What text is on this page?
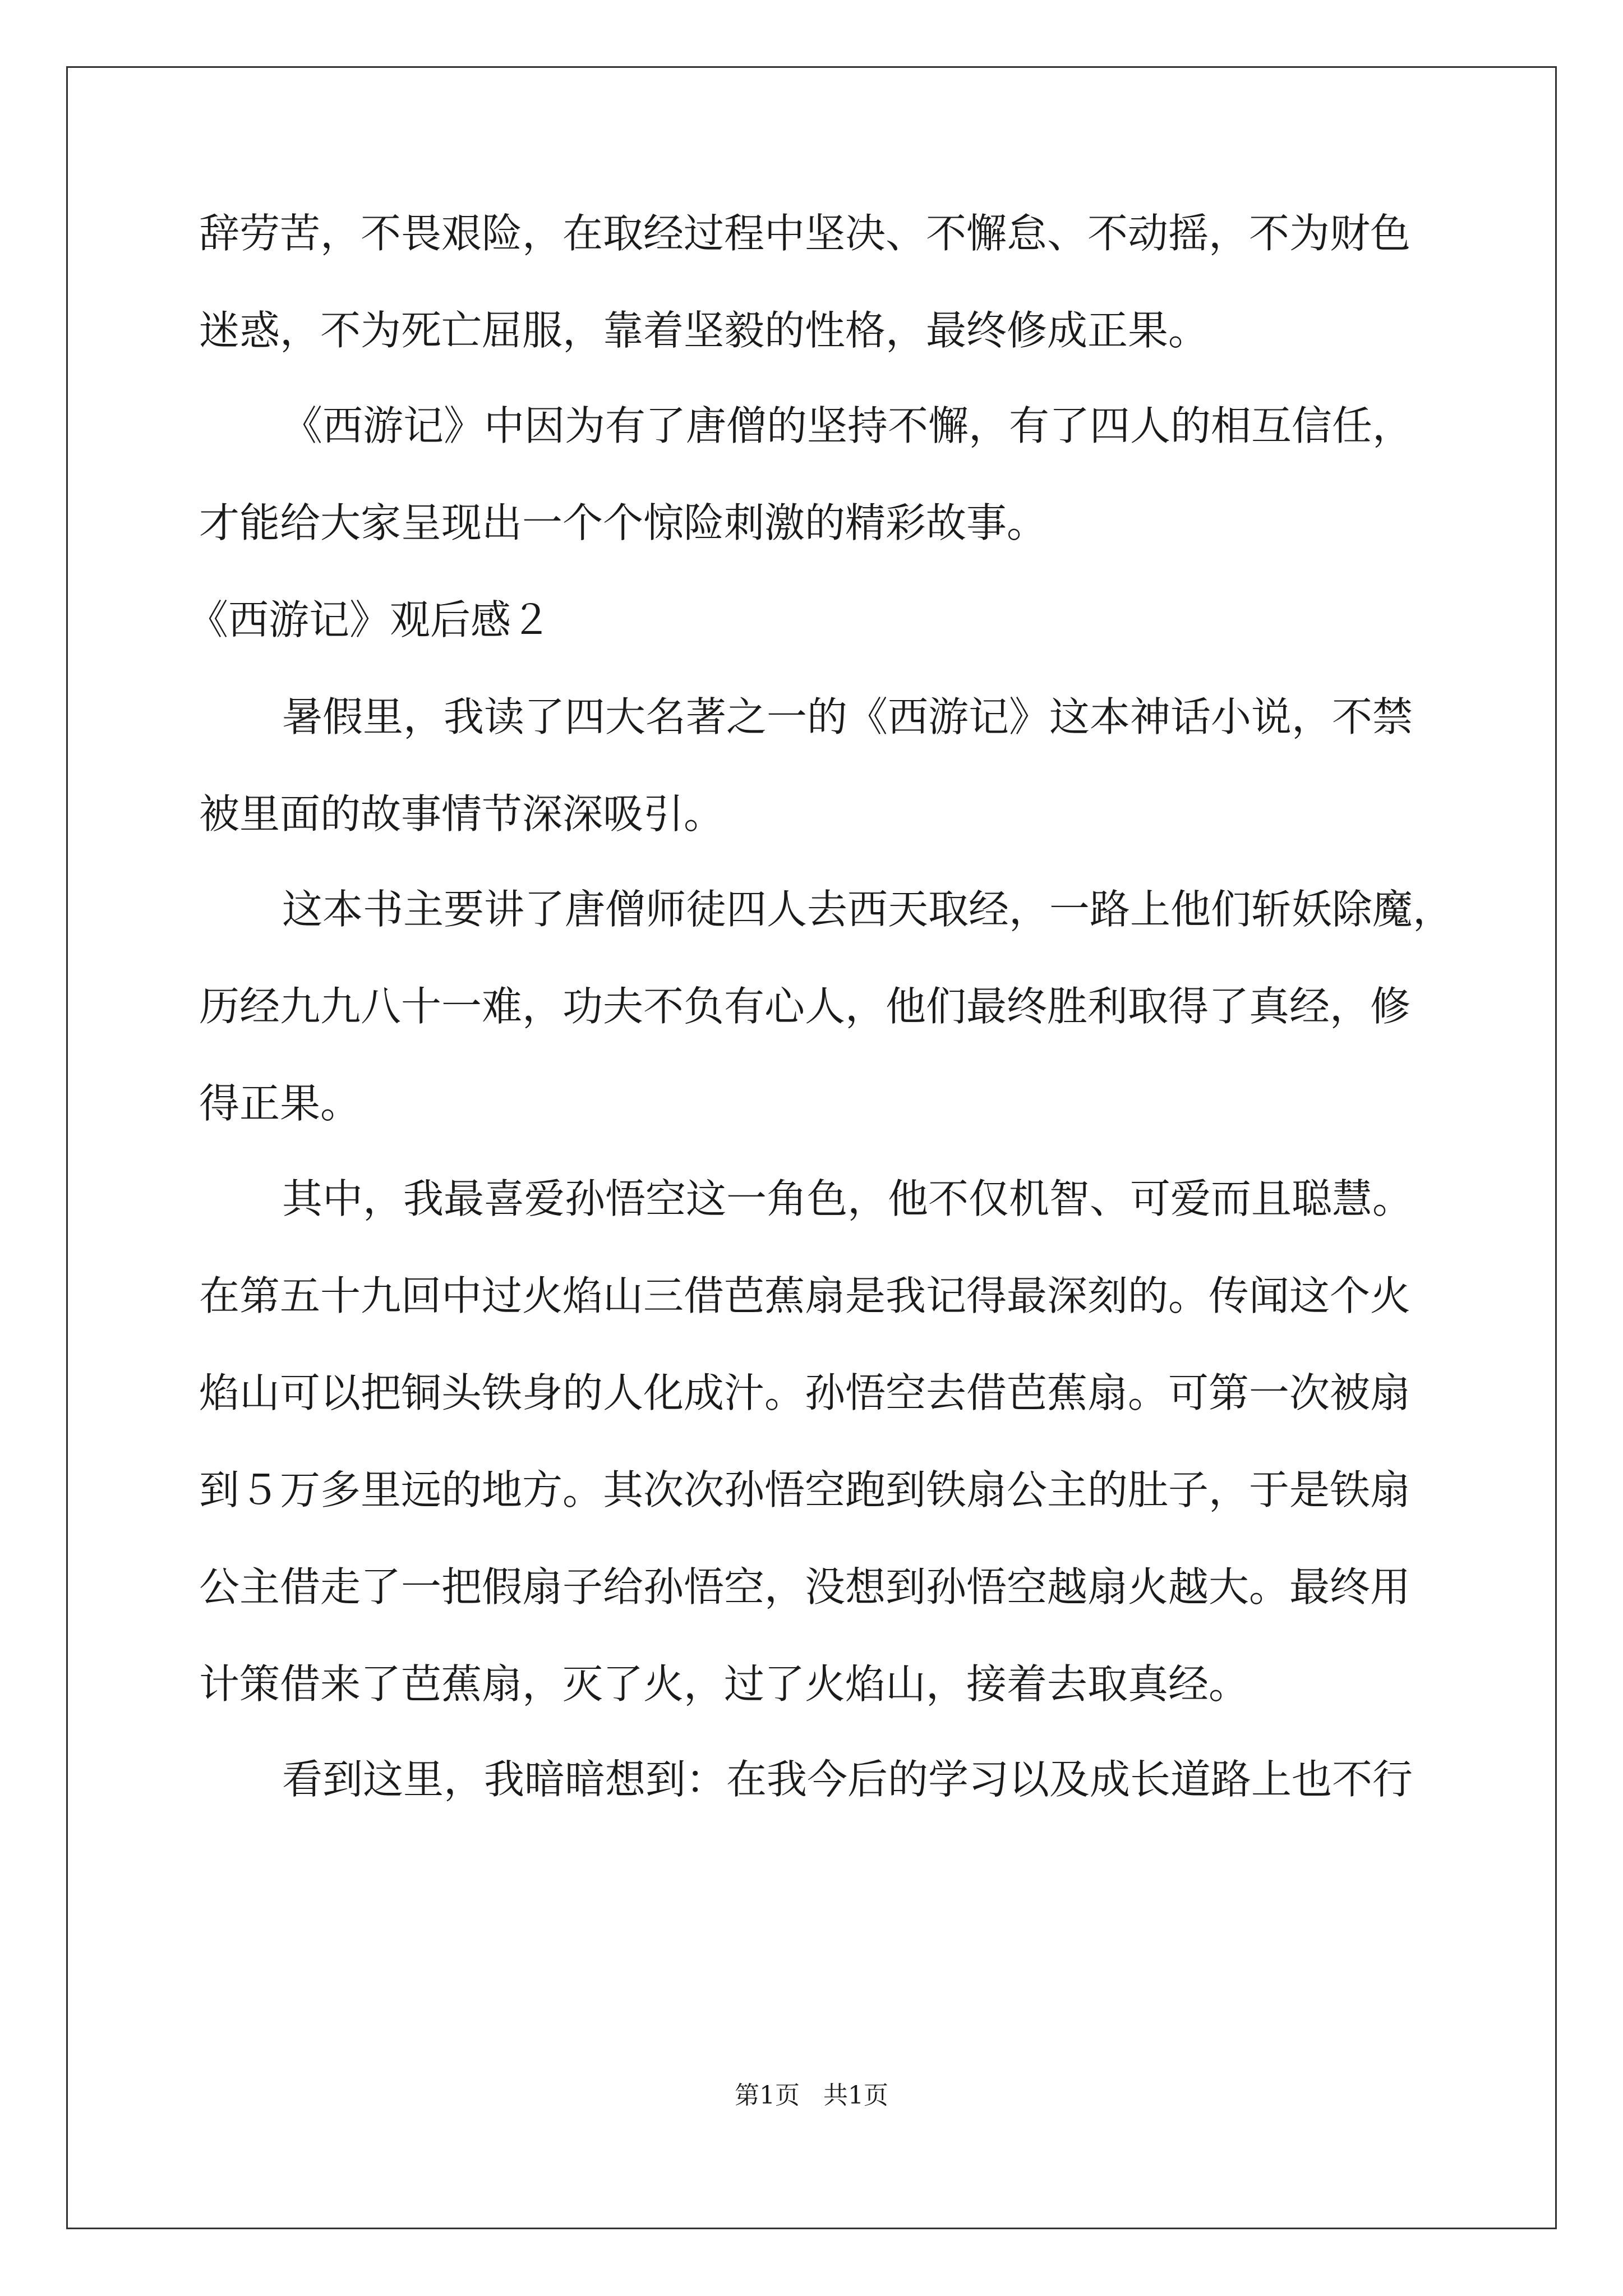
辞劳苦，不畏艰险，在取经过程中坚决、不懈怠、不动摇，不为财色
迷惑，不为死亡屈服，靠着坚毅的性格，最终修成正果。
《西游记》中因为有了唐僧的坚持不懈，有了四人的相互信任，
才能给大家呈现出一个个惊险刺激的精彩故事。
《西游记》观后感２
暑假里，我读了四大名著之一的《西游记》这本神话小说，不禁
被里面的故事情节深深吸引。
这本书主要讲了唐僧师徒四人去西天取经，一路上他们斩妖除魔，
历经九九八十一难，功夫不负有心人，他们最终胜利取得了真经，修
得正果。
其中，我最喜爱孙悟空这一角色，他不仅机智、可爱而且聪慧。
在第五十九回中过火焰山三借芭蕉扇是我记得最深刻的。传闻这个火
焰山可以把铜头铁身的人化成汁。孙悟空去借芭蕉扇。可第一次被扇
到５万多里远的地方。其次次孙悟空跑到铁扇公主的肚子，于是铁扇
公主借走了一把假扇子给孙悟空，没想到孙悟空越扇火越大。最终用
计策借来了芭蕉扇，灭了火，过了火焰山，接着去取真经。
看到这里，我暗暗想到：在我今后的学习以及成长道路上也不行
第1页   共1页
